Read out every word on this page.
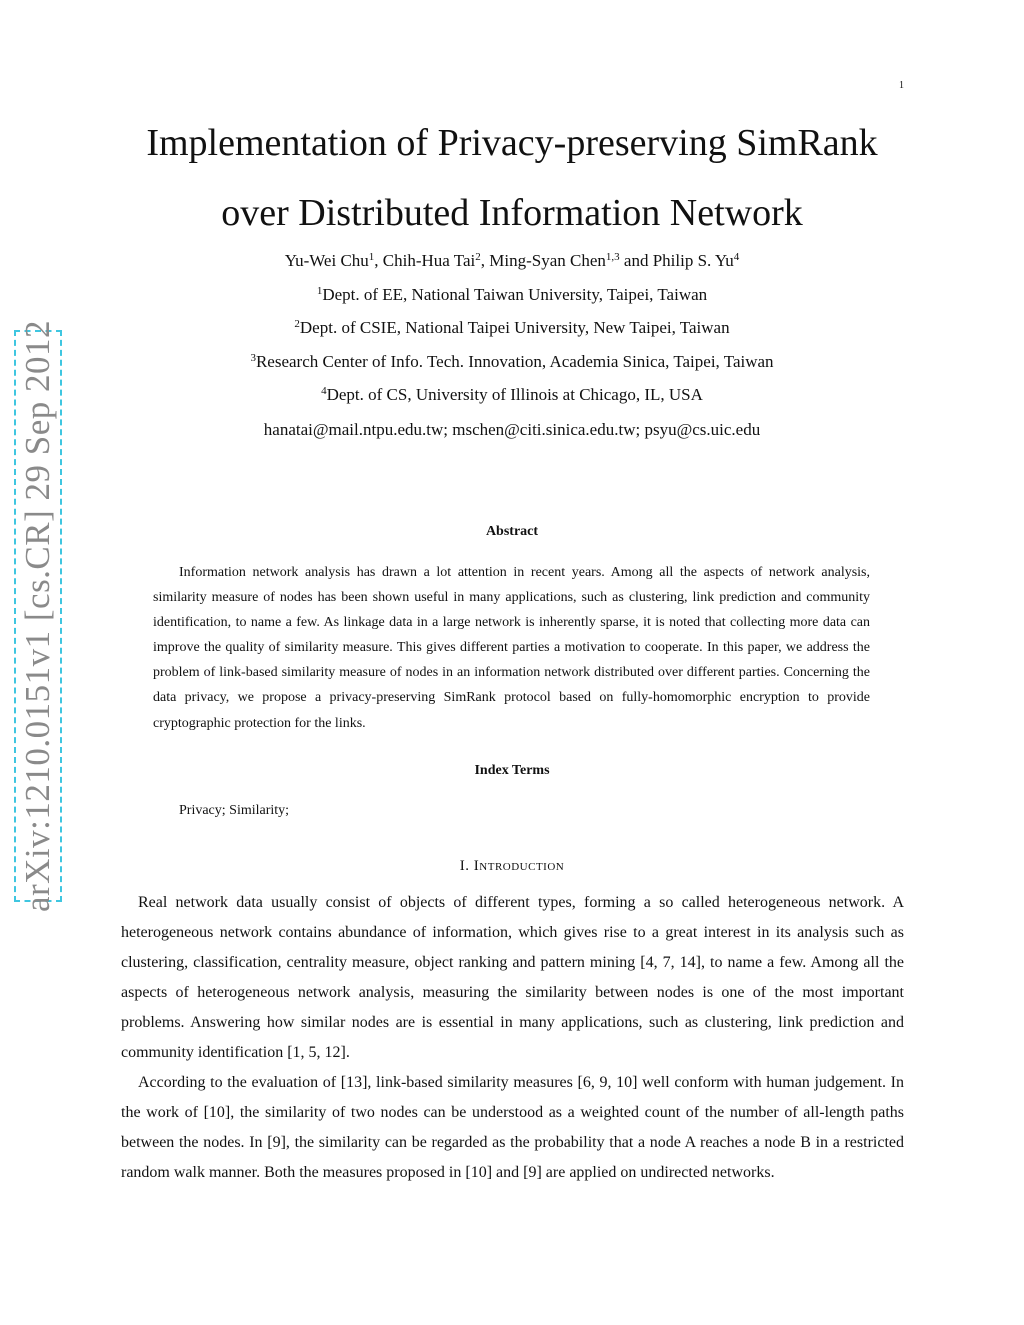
1
Implementation of Privacy-preserving SimRank
over Distributed Information Network
Yu-Wei Chu$^1$, Chih-Hua Tai$^2$, Ming-Syan Chen$^{1,3}$ and Philip S. Yu$^4$
$^1$Dept. of EE, National Taiwan University, Taipei, Taiwan
$^2$Dept. of CSIE, National Taipei University, New Taipei, Taiwan
$^3$Research Center of Info. Tech. Innovation, Academia Sinica, Taipei, Taiwan
$^4$Dept. of CS, University of Illinois at Chicago, IL, USA
hanatai@mail.ntpu.edu.tw; mschen@citi.sinica.edu.tw; psyu@cs.uic.edu
Abstract

Information network analysis has drawn a lot attention in recent years. Among all the aspects of network analysis, similarity measure of nodes has been shown useful in many applications, such as clustering, link prediction and community identification, to name a few. As linkage data in a large network is inherently sparse, it is noted that collecting more data can improve the quality of similarity measure. This gives different parties a motivation to cooperate. In this paper, we address the problem of link-based similarity measure of nodes in an information network distributed over different parties. Concerning the data privacy, we propose a privacy-preserving SimRank protocol based on fully-homomorphic encryption to provide cryptographic protection for the links.

Index Terms
Privacy; Similarity;
I. Introduction

Real network data usually consist of objects of different types, forming a so called heterogeneous network. A heterogeneous network contains abundance of information, which gives rise to a great interest in its analysis such as clustering, classification, centrality measure, object ranking and pattern mining [4, 7, 14], to name a few. Among all the aspects of heterogeneous network analysis, measuring the similarity between nodes is one of the most important problems. Answering how similar nodes are is essential in many applications, such as clustering, link prediction and community identification [1, 5, 12].

According to the evaluation of [13], link-based similarity measures [6, 9, 10] well conform with human judgement. In the work of [10], the similarity of two nodes can be understood as a weighted count of the number of all-length paths between the nodes. In [9], the similarity can be regarded as the probability that a node A reaches a node B in a restricted random walk manner. Both the measures proposed in [10] and [9] are applied on undirected networks.

arXiv:1210.0151v1 [cs.CR] 29 Sep 2012
